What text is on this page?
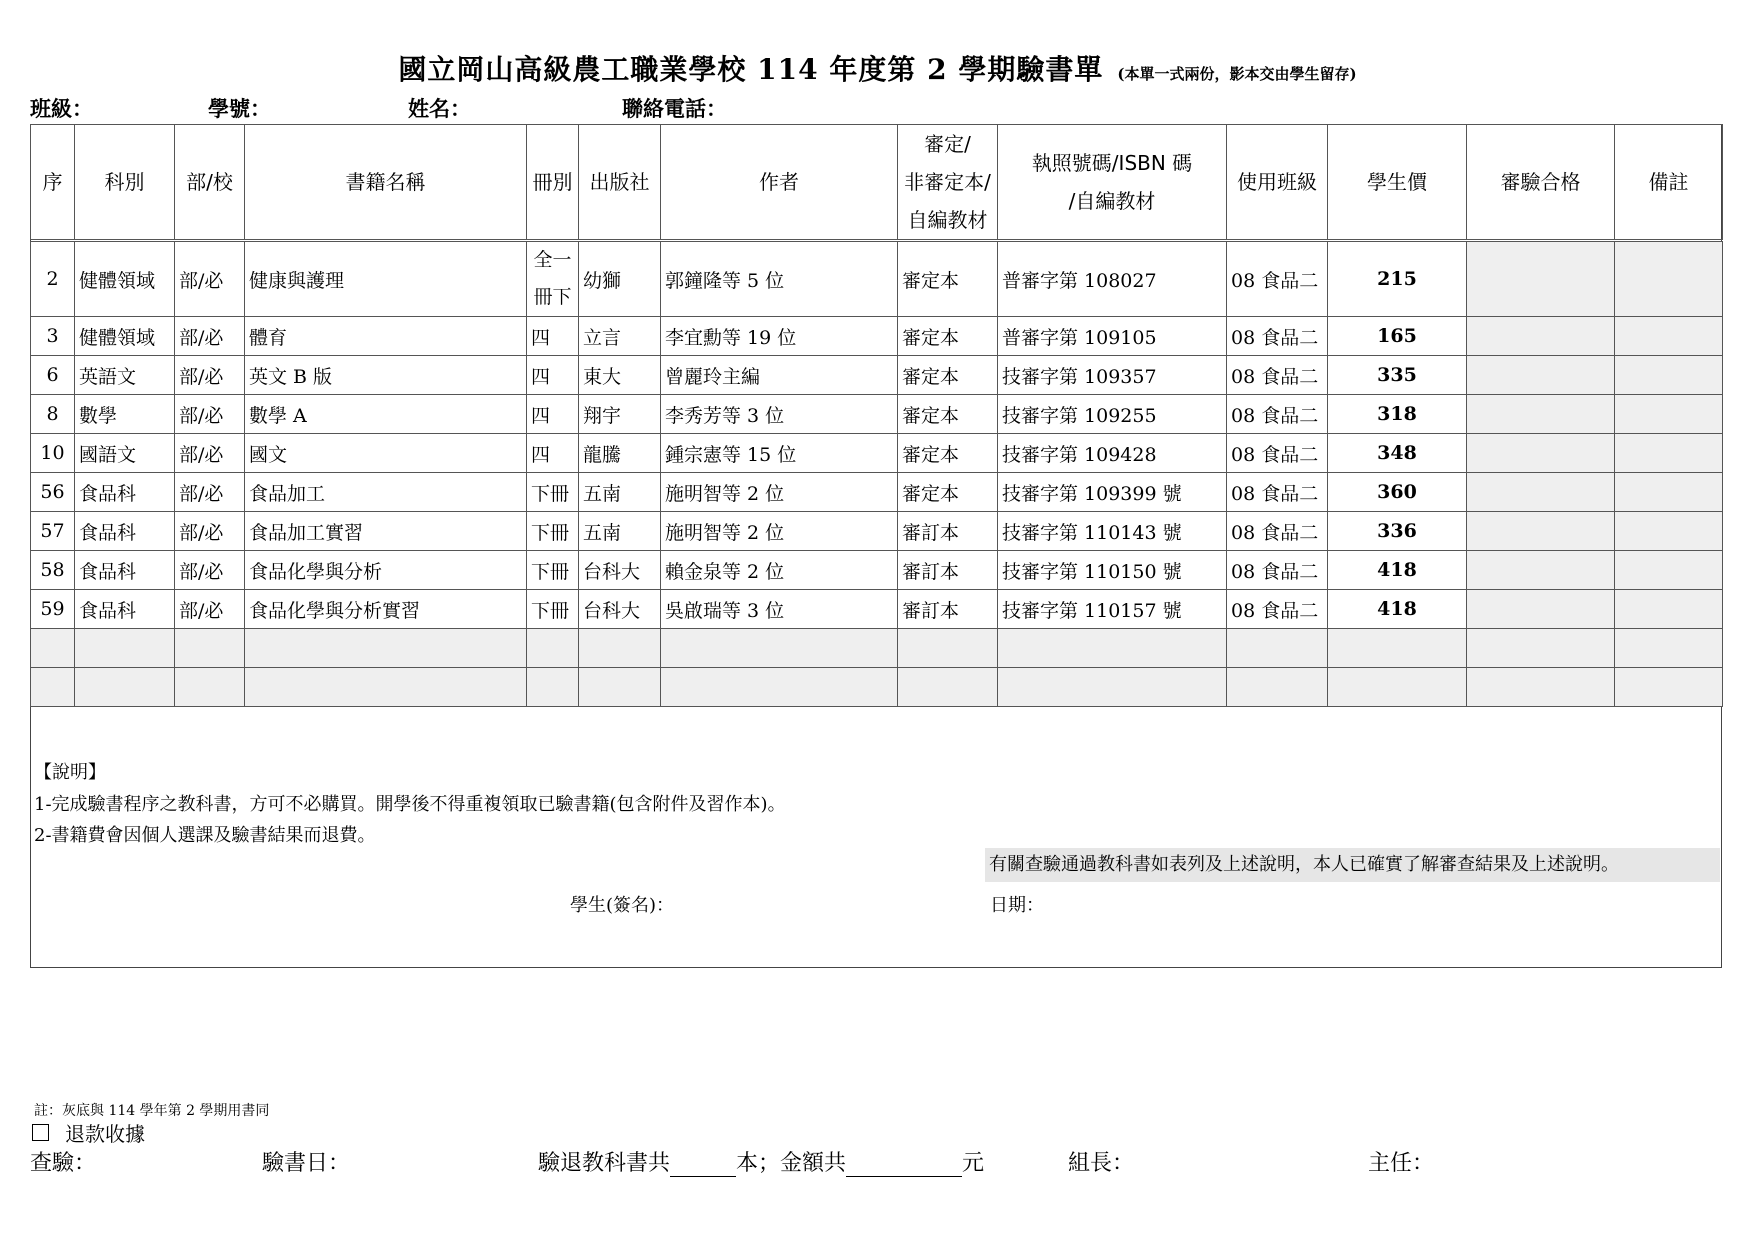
國立岡山高級農工職業學校 114 年度第 2 學期驗書單 (本單一式兩份，影本交由學生留存)
班級：	學號：	姓名：	聯絡電話：
序	科別	部/校	書籍名稱	冊別	出版社	作者	審定/
非審定本/
自編教材	執照號碼/ISBN 碼
/自編教材	使用班級	學生價	審驗合格	備註
2	健體領域	部/必	健康與護理	全一
冊下	幼獅	郭鐘隆等 5 位	審定本	普審字第 108027	08 食品二	215		
3	健體領域	部/必	體育	四	立言	李宜勳等 19 位	審定本	普審字第 109105	08 食品二	165		
6	英語文	部/必	英文 B 版	四	東大	曾麗玲主編	審定本	技審字第 109357	08 食品二	335		
8	數學	部/必	數學 A	四	翔宇	李秀芳等 3 位	審定本	技審字第 109255	08 食品二	318		
10	國語文	部/必	國文	四	龍騰	鍾宗憲等 15 位	審定本	技審字第 109428	08 食品二	348		
56	食品科	部/必	食品加工	下冊	五南	施明智等 2 位	審定本	技審字第 109399 號	08 食品二	360		
57	食品科	部/必	食品加工實習	下冊	五南	施明智等 2 位	審訂本	技審字第 110143 號	08 食品二	336		
58	食品科	部/必	食品化學與分析	下冊	台科大	賴金泉等 2 位	審訂本	技審字第 110150 號	08 食品二	418		
59	食品科	部/必	食品化學與分析實習	下冊	台科大	吳啟瑞等 3 位	審訂本	技審字第 110157 號	08 食品二	418		

【說明】
1-完成驗書程序之教科書，方可不必購買。開學後不得重複領取已驗書籍(包含附件及習作本)。
2-書籍費會因個人選課及驗書結果而退費。
有關查驗通過教科書如表列及上述說明，本人已確實了解審查結果及上述說明。
學生(簽名)：	日期：
註：灰底與 114 學年第 2 學期用書同
退款收據
查驗：	驗書日：	驗退教科書共	本；金額共	元	組長：	主任：
